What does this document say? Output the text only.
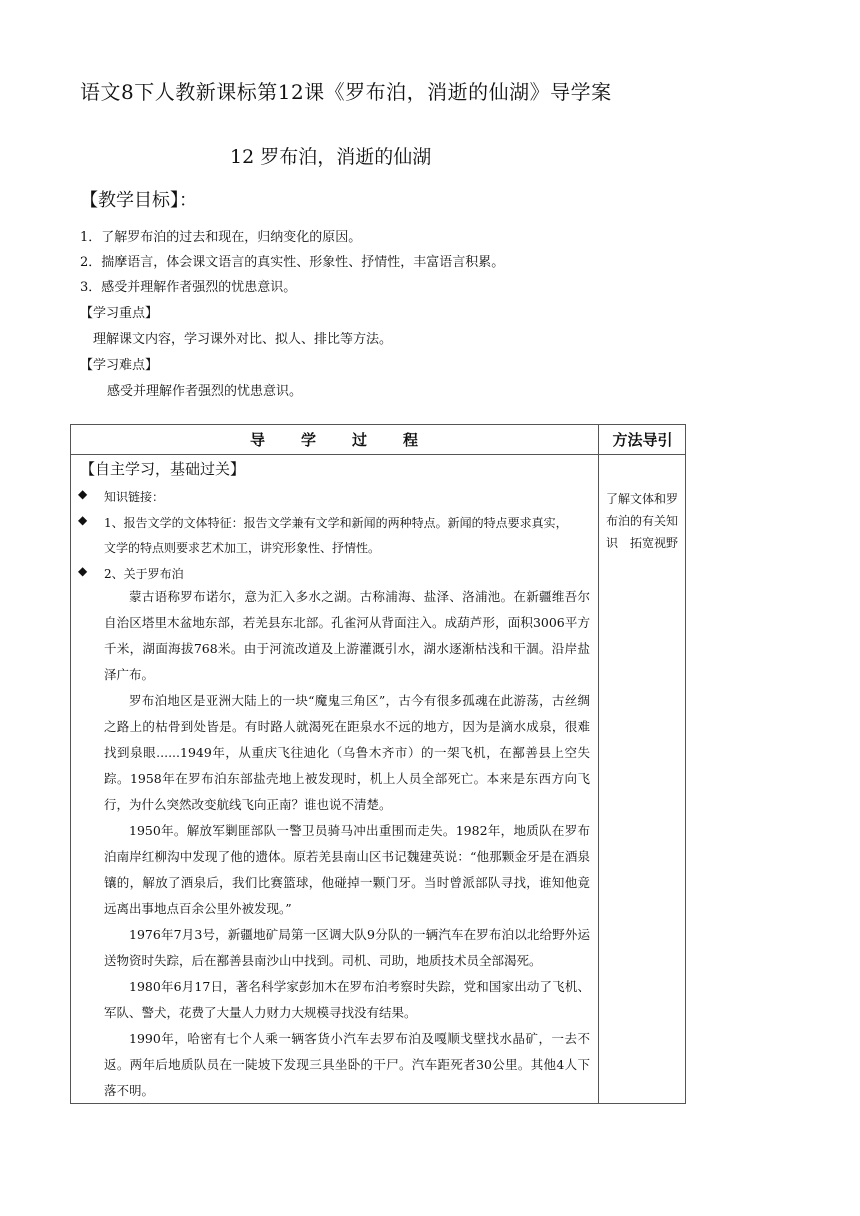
语文8下人教新课标第12课《罗布泊，消逝的仙湖》导学案
12 罗布泊，消逝的仙湖
【教学目标】：
1．了解罗布泊的过去和现在，归纳变化的原因。
2．揣摩语言，体会课文语言的真实性、形象性、抒情性，丰富语言积累。
3．感受并理解作者强烈的忧患意识。
【学习重点】
理解课文内容，学习课外对比、拟人、排比等方法。
【学习难点】
感受并理解作者强烈的忧患意识。
导学过程	方法导引
【自主学习，基础过关】
◆ 知识链接：
◆ 1、报告文学的文体特征：报告文学兼有文学和新闻的两种特点。新闻的特点要求真实，
文学的特点则要求艺术加工，讲究形象性、抒情性。
◆ 2、关于罗布泊
蒙古语称罗布诺尔，意为汇入多水之湖。古称浦海、盐泽、洛浦池。在新疆维吾尔自治区塔里木盆地东部，若羌县东北部。孔雀河从背面注入。成葫芦形，面积3006平方千米，湖面海拔768米。由于河流改道及上游灌溉引水，湖水逐渐枯浅和干涸。沿岸盐泽广布。
罗布泊地区是亚洲大陆上的一块“魔鬼三角区”，古今有很多孤魂在此游荡，古丝绸之路上的枯骨到处皆是。有时路人就渴死在距泉水不远的地方，因为是滴水成泉，很难找到泉眼......1949年，从重庆飞往迪化（乌鲁木齐市）的一架飞机，在鄯善县上空失踪。1958年在罗布泊东部盐壳地上被发现时，机上人员全部死亡。本来是东西方向飞行，为什么突然改变航线飞向正南？谁也说不清楚。
1950年。解放军剿匪部队一警卫员骑马冲出重围而走失。1982年，地质队在罗布泊南岸红柳沟中发现了他的遗体。原若羌县南山区书记魏建英说：“他那颗金牙是在酒泉镶的，解放了酒泉后，我们比赛篮球，他碰掉一颗门牙。当时曾派部队寻找，谁知他竟远离出事地点百余公里外被发现。”
1976年7月3号，新疆地矿局第一区调大队9分队的一辆汽车在罗布泊以北给野外运送物资时失踪，后在鄯善县南沙山中找到。司机、司助，地质技术员全部渴死。
1980年6月17日，著名科学家彭加木在罗布泊考察时失踪，党和国家出动了飞机、军队、警犬，花费了大量人力财力大规模寻找没有结果。
1990年，哈密有七个人乘一辆客货小汽车去罗布泊及嘎顺戈壁找水晶矿，一去不返。两年后地质队员在一陡坡下发现三具坐卧的干尸。汽车距死者30公里。其他4人下落不明。
了解文体和罗布泊的有关知识　拓宽视野
